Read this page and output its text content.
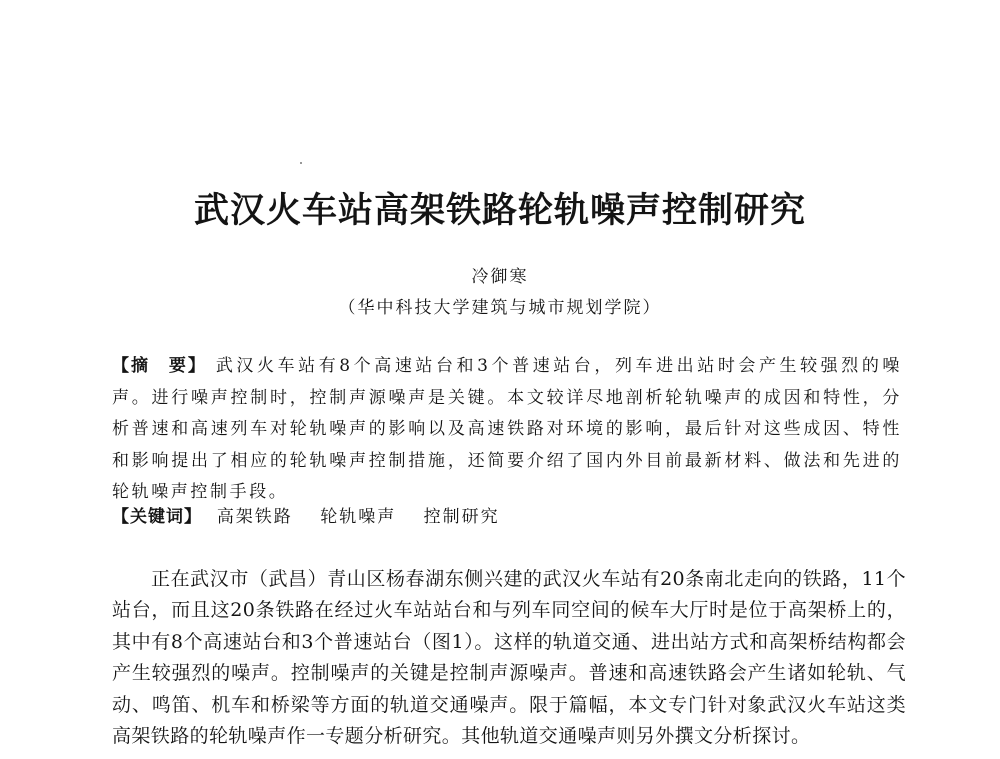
武汉火车站高架铁路轮轨噪声控制研究
冷御寒
（华中科技大学建筑与城市规划学院）

【摘　要】 武汉火车站有8个高速站台和3个普速站台，列车进出站时会产生较强烈的噪声。进行噪声控制时，控制声源噪声是关键。本文较详尽地剖析轮轨噪声的成因和特性，分析普速和高速列车对轮轨噪声的影响以及高速铁路对环境的影响，最后针对这些成因、特性和影响提出了相应的轮轨噪声控制措施，还简要介绍了国内外目前最新材料、做法和先进的轮轨噪声控制手段。

【关键词】 高架铁路 轮轨噪声 控制研究

正在武汉市（武昌）青山区杨春湖东侧兴建的武汉火车站有20条南北走向的铁路，11个站台，而且这20条铁路在经过火车站站台和与列车同空间的候车大厅时是位于高架桥上的，其中有8个高速站台和3个普速站台（图1）。这样的轨道交通、进出站方式和高架桥结构都会产生较强烈的噪声。控制噪声的关键是控制声源噪声。普速和高速铁路会产生诸如轮轨、气动、鸣笛、机车和桥梁等方面的轨道交通噪声。限于篇幅，本文专门针对象武汉火车站这类高架铁路的轮轨噪声作一专题分析研究。其他轨道交通噪声则另外撰文分析探讨。
